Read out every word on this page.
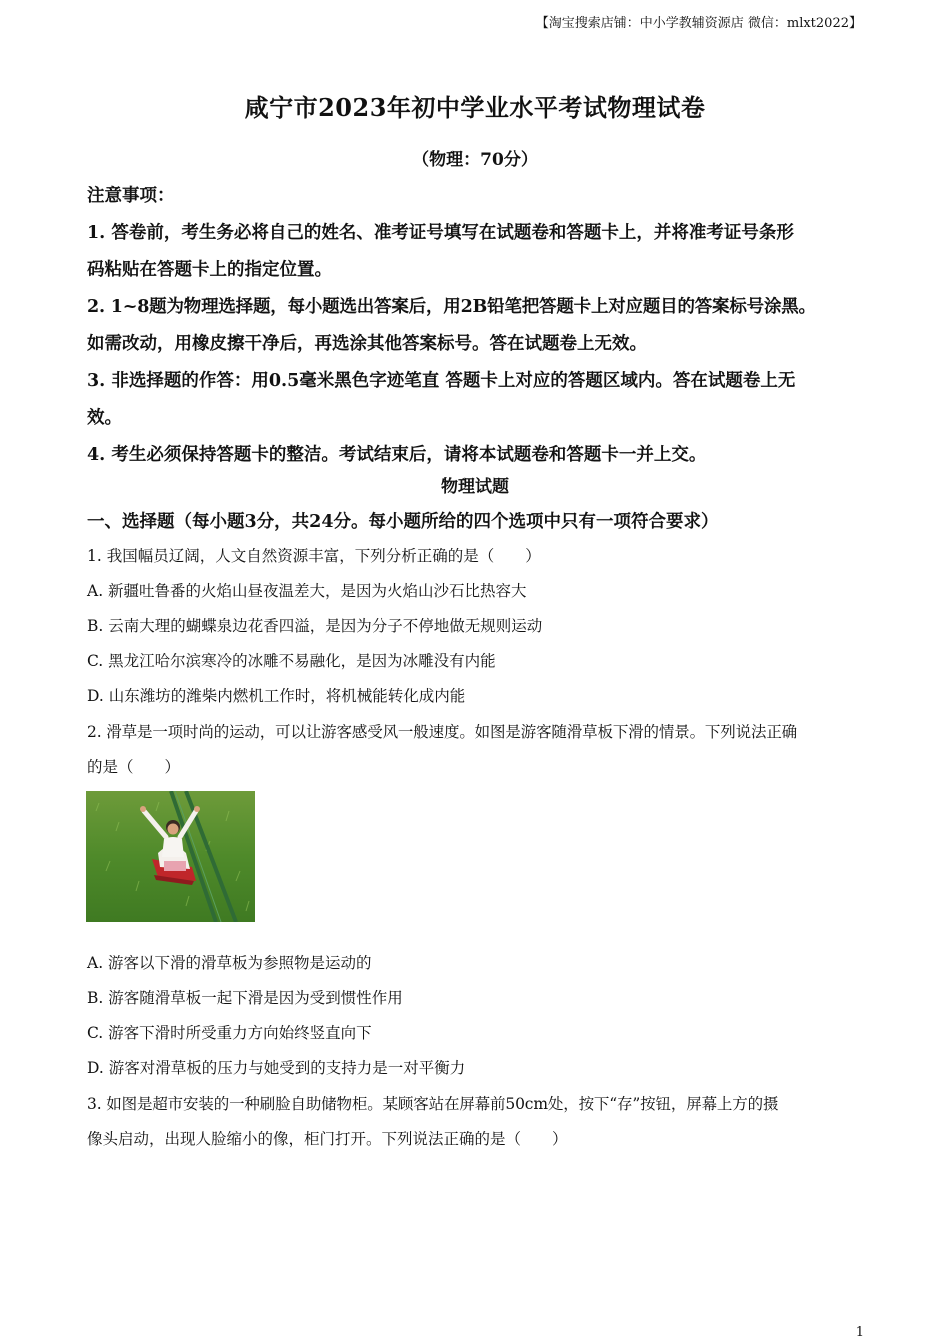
【淘宝搜索店铺：中小学教辅资源店 微信：mlxt2022】
咸宁市2023年初中学业水平考试物理试卷
（物理：70分）
注意事项：
1. 答卷前，考生务必将自己的姓名、准考证号填写在试题卷和答题卡上，并将准考证号条形
码粘贴在答题卡上的指定位置。
2. 1~8题为物理选择题，每小题选出答案后，用2B铅笔把答题卡上对应题目的答案标号涂黑。
如需改动，用橡皮擦干净后，再选涂其他答案标号。答在试题卷上无效。
3. 非选择题的作答：用0.5毫米黑色字迹笔直 答题卡上对应的答题区域内。答在试题卷上无
效。
4. 考生必须保持答题卡的整洁。考试结束后，请将本试题卷和答题卡一并上交。
物理试题
一、选择题（每小题3分，共24分。每小题所给的四个选项中只有一项符合要求）
1. 我国幅员辽阔，人文自然资源丰富，下列分析正确的是（　　）
A. 新疆吐鲁番的火焰山昼夜温差大，是因为火焰山沙石比热容大
B. 云南大理的蝴蝶泉边花香四溢，是因为分子不停地做无规则运动
C. 黑龙江哈尔滨寒冷的冰雕不易融化，是因为冰雕没有内能
D. 山东潍坊的潍柴内燃机工作时，将机械能转化成内能
2. 滑草是一项时尚的运动，可以让游客感受风一般速度。如图是游客随滑草板下滑的情景。下列说法正确
的是（　　）
A. 游客以下滑的滑草板为参照物是运动的
B. 游客随滑草板一起下滑是因为受到惯性作用
C. 游客下滑时所受重力方向始终竖直向下
D. 游客对滑草板的压力与她受到的支持力是一对平衡力
3. 如图是超市安装的一种刷脸自助储物柜。某顾客站在屏幕前50cm处，按下“存”按钮，屏幕上方的摄
像头启动，出现人脸缩小的像，柜门打开。下列说法正确的是（　　）
1
